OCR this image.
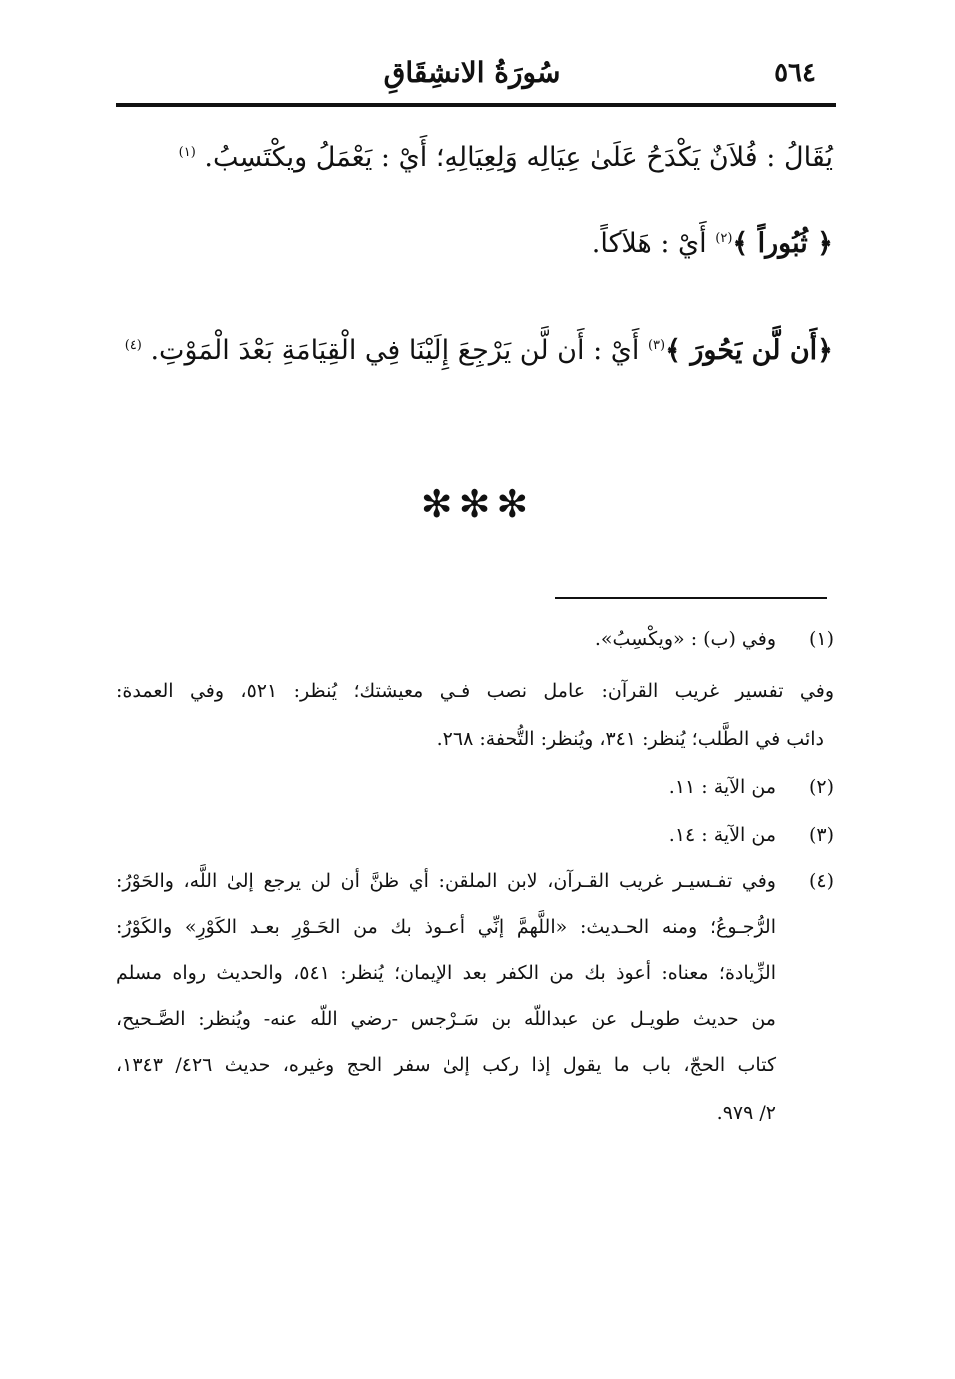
٥٦٤
سُورَةُ الانشِقَاقِ

يُقَالُ : فُلاَنٌ يَكْدَحُ عَلَىٰ عِيَالِه وَلِعِيَالِهِ؛ أَيْ : يَعْمَلُ ويكْتَسِبُ. $^{(١)}$

﴿ ثُبُوراً ﴾$^{(٢)}$ أَيْ : هَلاَكاً.

﴿أَن لَّن يَحُورَ ﴾$^{(٣)}$ أَيْ : أَن لَّن يَرْجِعَ إِلَيْنَا فِي الْقِيَامَةِ بَعْدَ الْمَوْتِ. $^{(٤)}$

✻✻✻
(١)
وفي (ب) : «ويكْسِبُ».
وفي تفسير غريب القرآن: عامل نصب فـي معيشتك؛ يُنظر: ٥٢١، وفي العمدة:
دائب في الطَّلب؛ يُنظر: ٣٤١، ويُنظر: التُّحفة: ٢٦٨.
(٢)
من الآية : ١١.
(٣)
من الآية : ١٤.
(٤)
وفي تفـسيـر غريب القـرآن، لابن الملقن: أي ظنَّ أن لن يرجع إلىٰ اللَّه، والحَوْرُ:
الرُّجـوعُ؛ ومنه الحـديث: «اللَّهمَّ إنِّي أعـوذ بك من الحَـوْرِ بعـد الكَوْرِ» والكَوْرُ:
الزِّيادة؛ معناه: أعوذ بك من الكفر بعد الإيمان؛ يُنظر: ٥٤١، والحديث رواه مسلم
من حديث طويـل عن عبداللّه بن سَـرْجس -رضي اللّه عنه- ويُنظر: الصَّـحيح،
كتاب الحجّ، باب ما يقول إذا ركب إلىٰ سفر الحج وغيره، حديث ٤٢٦/ ١٣٤٣،
٢/ ٩٧٩.
